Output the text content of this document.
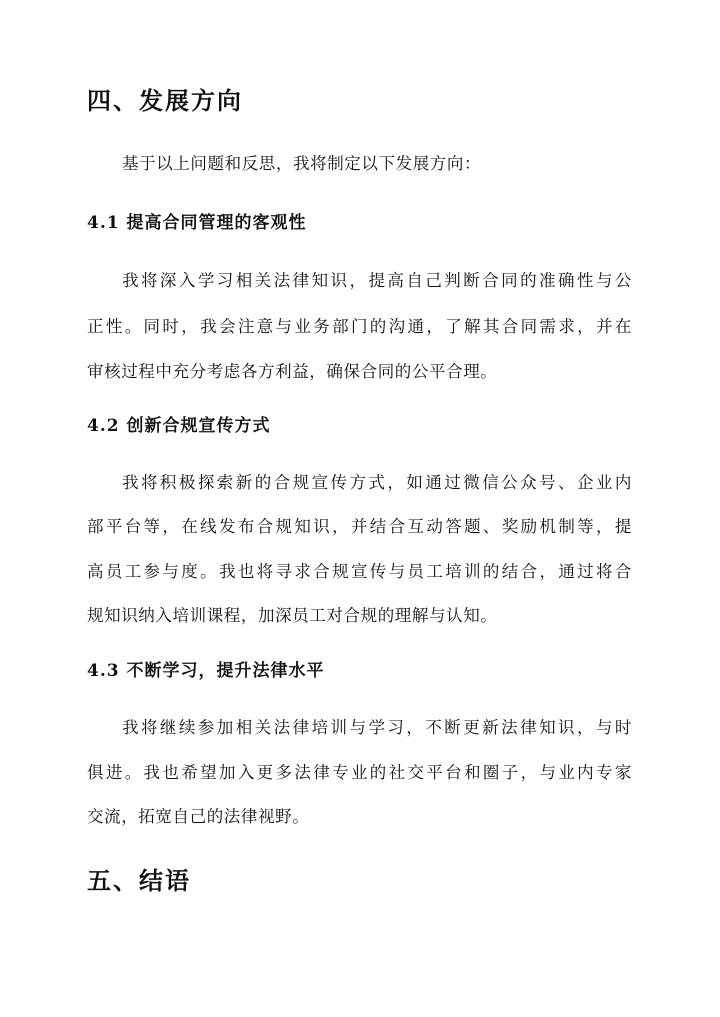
四、发展方向
基于以上问题和反思，我将制定以下发展方向：
4.1 提高合同管理的客观性
我将深入学习相关法律知识，提高自己判断合同的准确性与公
正性。同时，我会注意与业务部门的沟通，了解其合同需求，并在
审核过程中充分考虑各方利益，确保合同的公平合理。
4.2 创新合规宣传方式
我将积极探索新的合规宣传方式，如通过微信公众号、企业内
部平台等，在线发布合规知识，并结合互动答题、奖励机制等，提
高员工参与度。我也将寻求合规宣传与员工培训的结合，通过将合
规知识纳入培训课程，加深员工对合规的理解与认知。
4.3 不断学习，提升法律水平
我将继续参加相关法律培训与学习，不断更新法律知识，与时
俱进。我也希望加入更多法律专业的社交平台和圈子，与业内专家
交流，拓宽自己的法律视野。
五、结语
